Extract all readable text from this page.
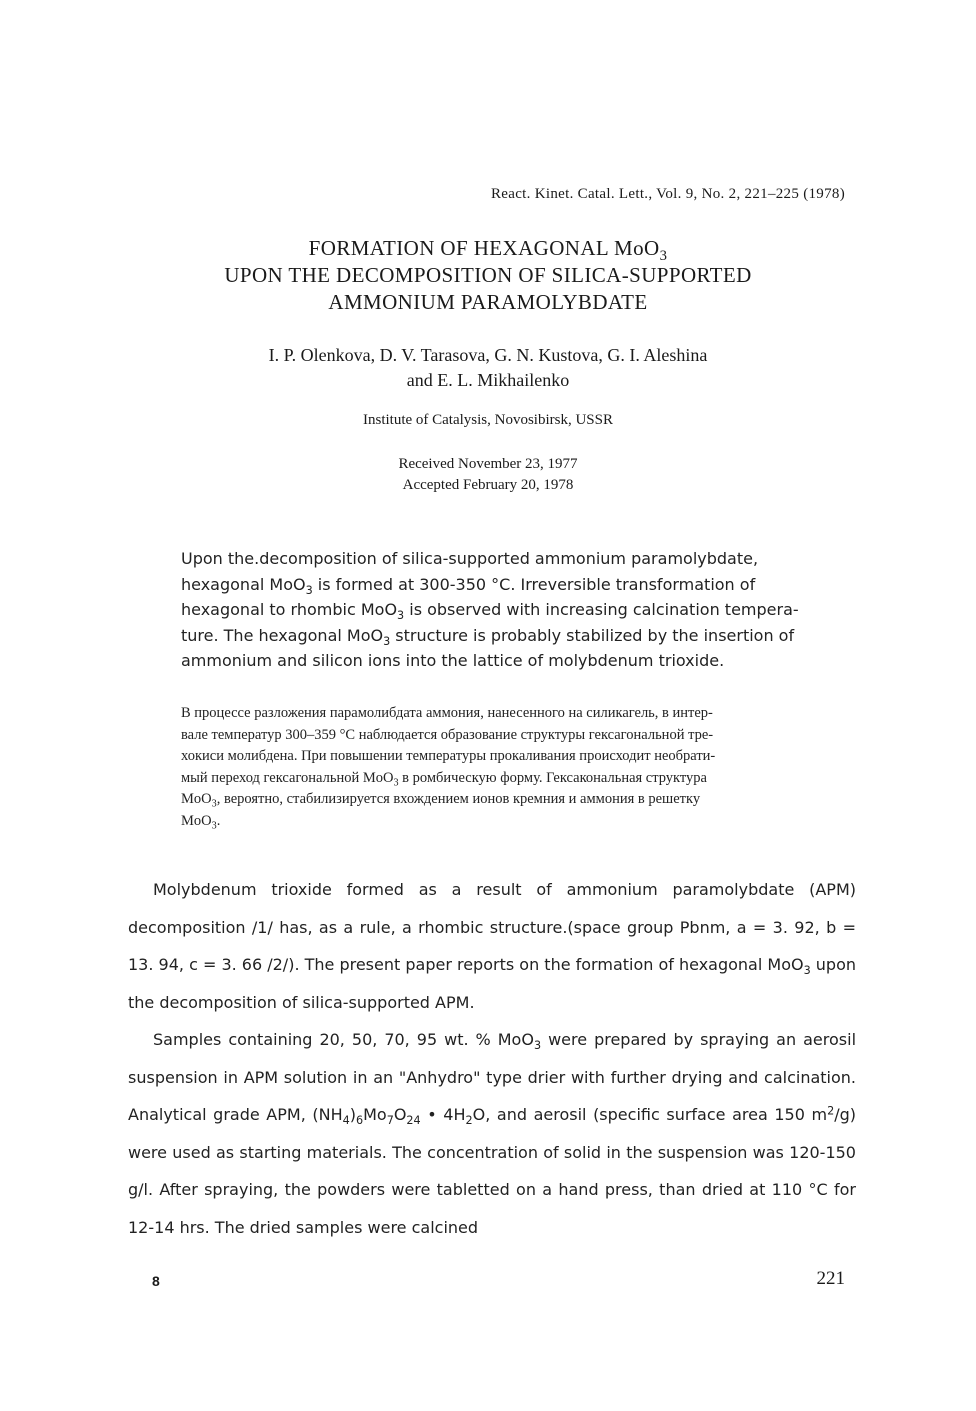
React. Kinet. Catal. Lett., Vol. 9, No. 2, 221–225 (1978)
FORMATION OF HEXAGONAL MoO$_3$
UPON THE DECOMPOSITION OF SILICA-SUPPORTED
AMMONIUM PARAMOLYBDATE
I. P. Olenkova, D. V. Tarasova, G. N. Kustova, G. I. Aleshina
and E. L. Mikhailenko
Institute of Catalysis, Novosibirsk, USSR
Received November 23, 1977
Accepted February 20, 1978
Upon the.decomposition of silica-supported ammonium paramolybdate,
hexagonal MoO$_3$ is formed at 300-350 °C. Irreversible transformation of
hexagonal to rhombic MoO$_3$ is observed with increasing calcination tempera-
ture. The hexagonal MoO$_3$ structure is probably stabilized by the insertion of
ammonium and silicon ions into the lattice of molybdenum trioxide.
В процессе разложения парамолибдата аммония, нанесенного на силикагель, в интер-
вале температур 300–359 °C наблюдается образование структуры гексагональной тре-
хокиси молибдена. При повышении температуры прокаливания происходит необрати-
мый переход гексагональной MoO$_3$ в ромбическую форму. Гексакональная структура
MoO$_3$, вероятно, стабилизируется вхождением ионов кремния и аммония в решетку
MoO$_3$.

Molybdenum trioxide formed as a result of ammonium paramolybdate (APM) decomposition /1/ has, as a rule, a rhombic structure.(space group Pbnm, a = 3. 92, b = 13. 94, c = 3. 66 /2/). The present paper reports on the formation of hexagonal MoO$_3$ upon the decomposition of silica-supported APM.

Samples containing 20, 50, 70, 95 wt. % MoO$_3$ were prepared by spraying an aerosil suspension in APM solution in an "Anhydro" type drier with further drying and calcination. Analytical grade APM, $(NH_4)_6Mo_7O_{24}$ • $4H_2O$, and aerosil (specific surface area 150 $m^2/g$) were used as starting materials. The concentration of solid in the suspension was 120-150 g/l. After spraying, the powders were tabletted on a hand press, than dried at 110 °C for 12-14 hrs. The dried samples were calcined

8	221
